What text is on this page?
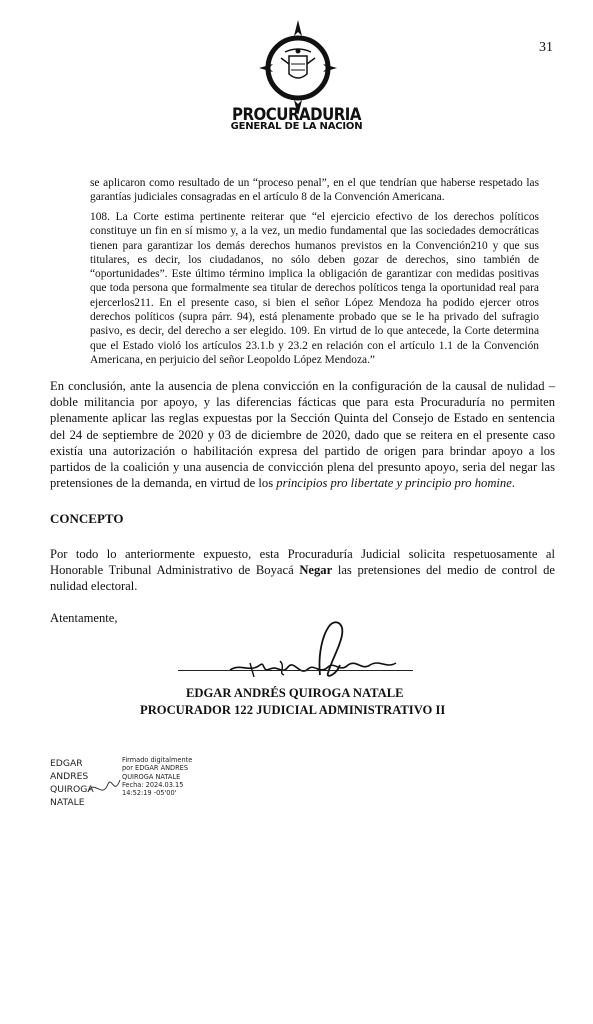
31
PROCURADURIA
GENERAL DE LA NACION
se aplicaron como resultado de un “proceso penal”, en el que tendrían que haberse respetado las garantías judiciales consagradas en el artículo 8 de la Convención Americana.
108. La Corte estima pertinente reiterar que “el ejercicio efectivo de los derechos políticos constituye un fin en sí mismo y, a la vez, un medio fundamental que las sociedades democráticas tienen para garantizar los demás derechos humanos previstos en la Convención210 y que sus titulares, es decir, los ciudadanos, no sólo deben gozar de derechos, sino también de “oportunidades”. Este último término implica la obligación de garantizar con medidas positivas que toda persona que formalmente sea titular de derechos políticos tenga la oportunidad real para ejercerlos211. En el presente caso, si bien el señor López Mendoza ha podido ejercer otros derechos políticos (supra párr. 94), está plenamente probado que se le ha privado del sufragio pasivo, es decir, del derecho a ser elegido. 109. En virtud de lo que antecede, la Corte determina que el Estado violó los artículos 23.1.b y 23.2 en relación con el artículo 1.1 de la Convención Americana, en perjuicio del señor Leopoldo López Mendoza.”
En conclusión, ante la ausencia de plena convicción en la configuración de la causal de nulidad – doble militancia por apoyo, y las diferencias fácticas que para esta Procuraduría no permiten plenamente aplicar las reglas expuestas por la Sección Quinta del Consejo de Estado en sentencia del 24 de septiembre de 2020 y 03 de diciembre de 2020, dado que se reitera en el presente caso existía una autorización o habilitación expresa del partido de origen para brindar apoyo a los partidos de la coalición y una ausencia de convicción plena del presunto apoyo, seria del negar las pretensiones de la demanda, en virtud de los principios pro libertate y principio pro homine.
CONCEPTO
Por todo lo anteriormente expuesto, esta Procuraduría Judicial solicita respetuosamente al Honorable Tribunal Administrativo de Boyacá Negar las pretensiones del medio de control de nulidad electoral.
Atentamente,
EDGAR ANDRÉS QUIROGA NATALE
PROCURADOR 122 JUDICIAL ADMINISTRATIVO II
EDGAR ANDRES
QUIROGA
NATALE
Firmado digitalmente
por EDGAR ANDRES
QUIROGA NATALE
Fecha: 2024.03.15
14:52:19 -05'00'
